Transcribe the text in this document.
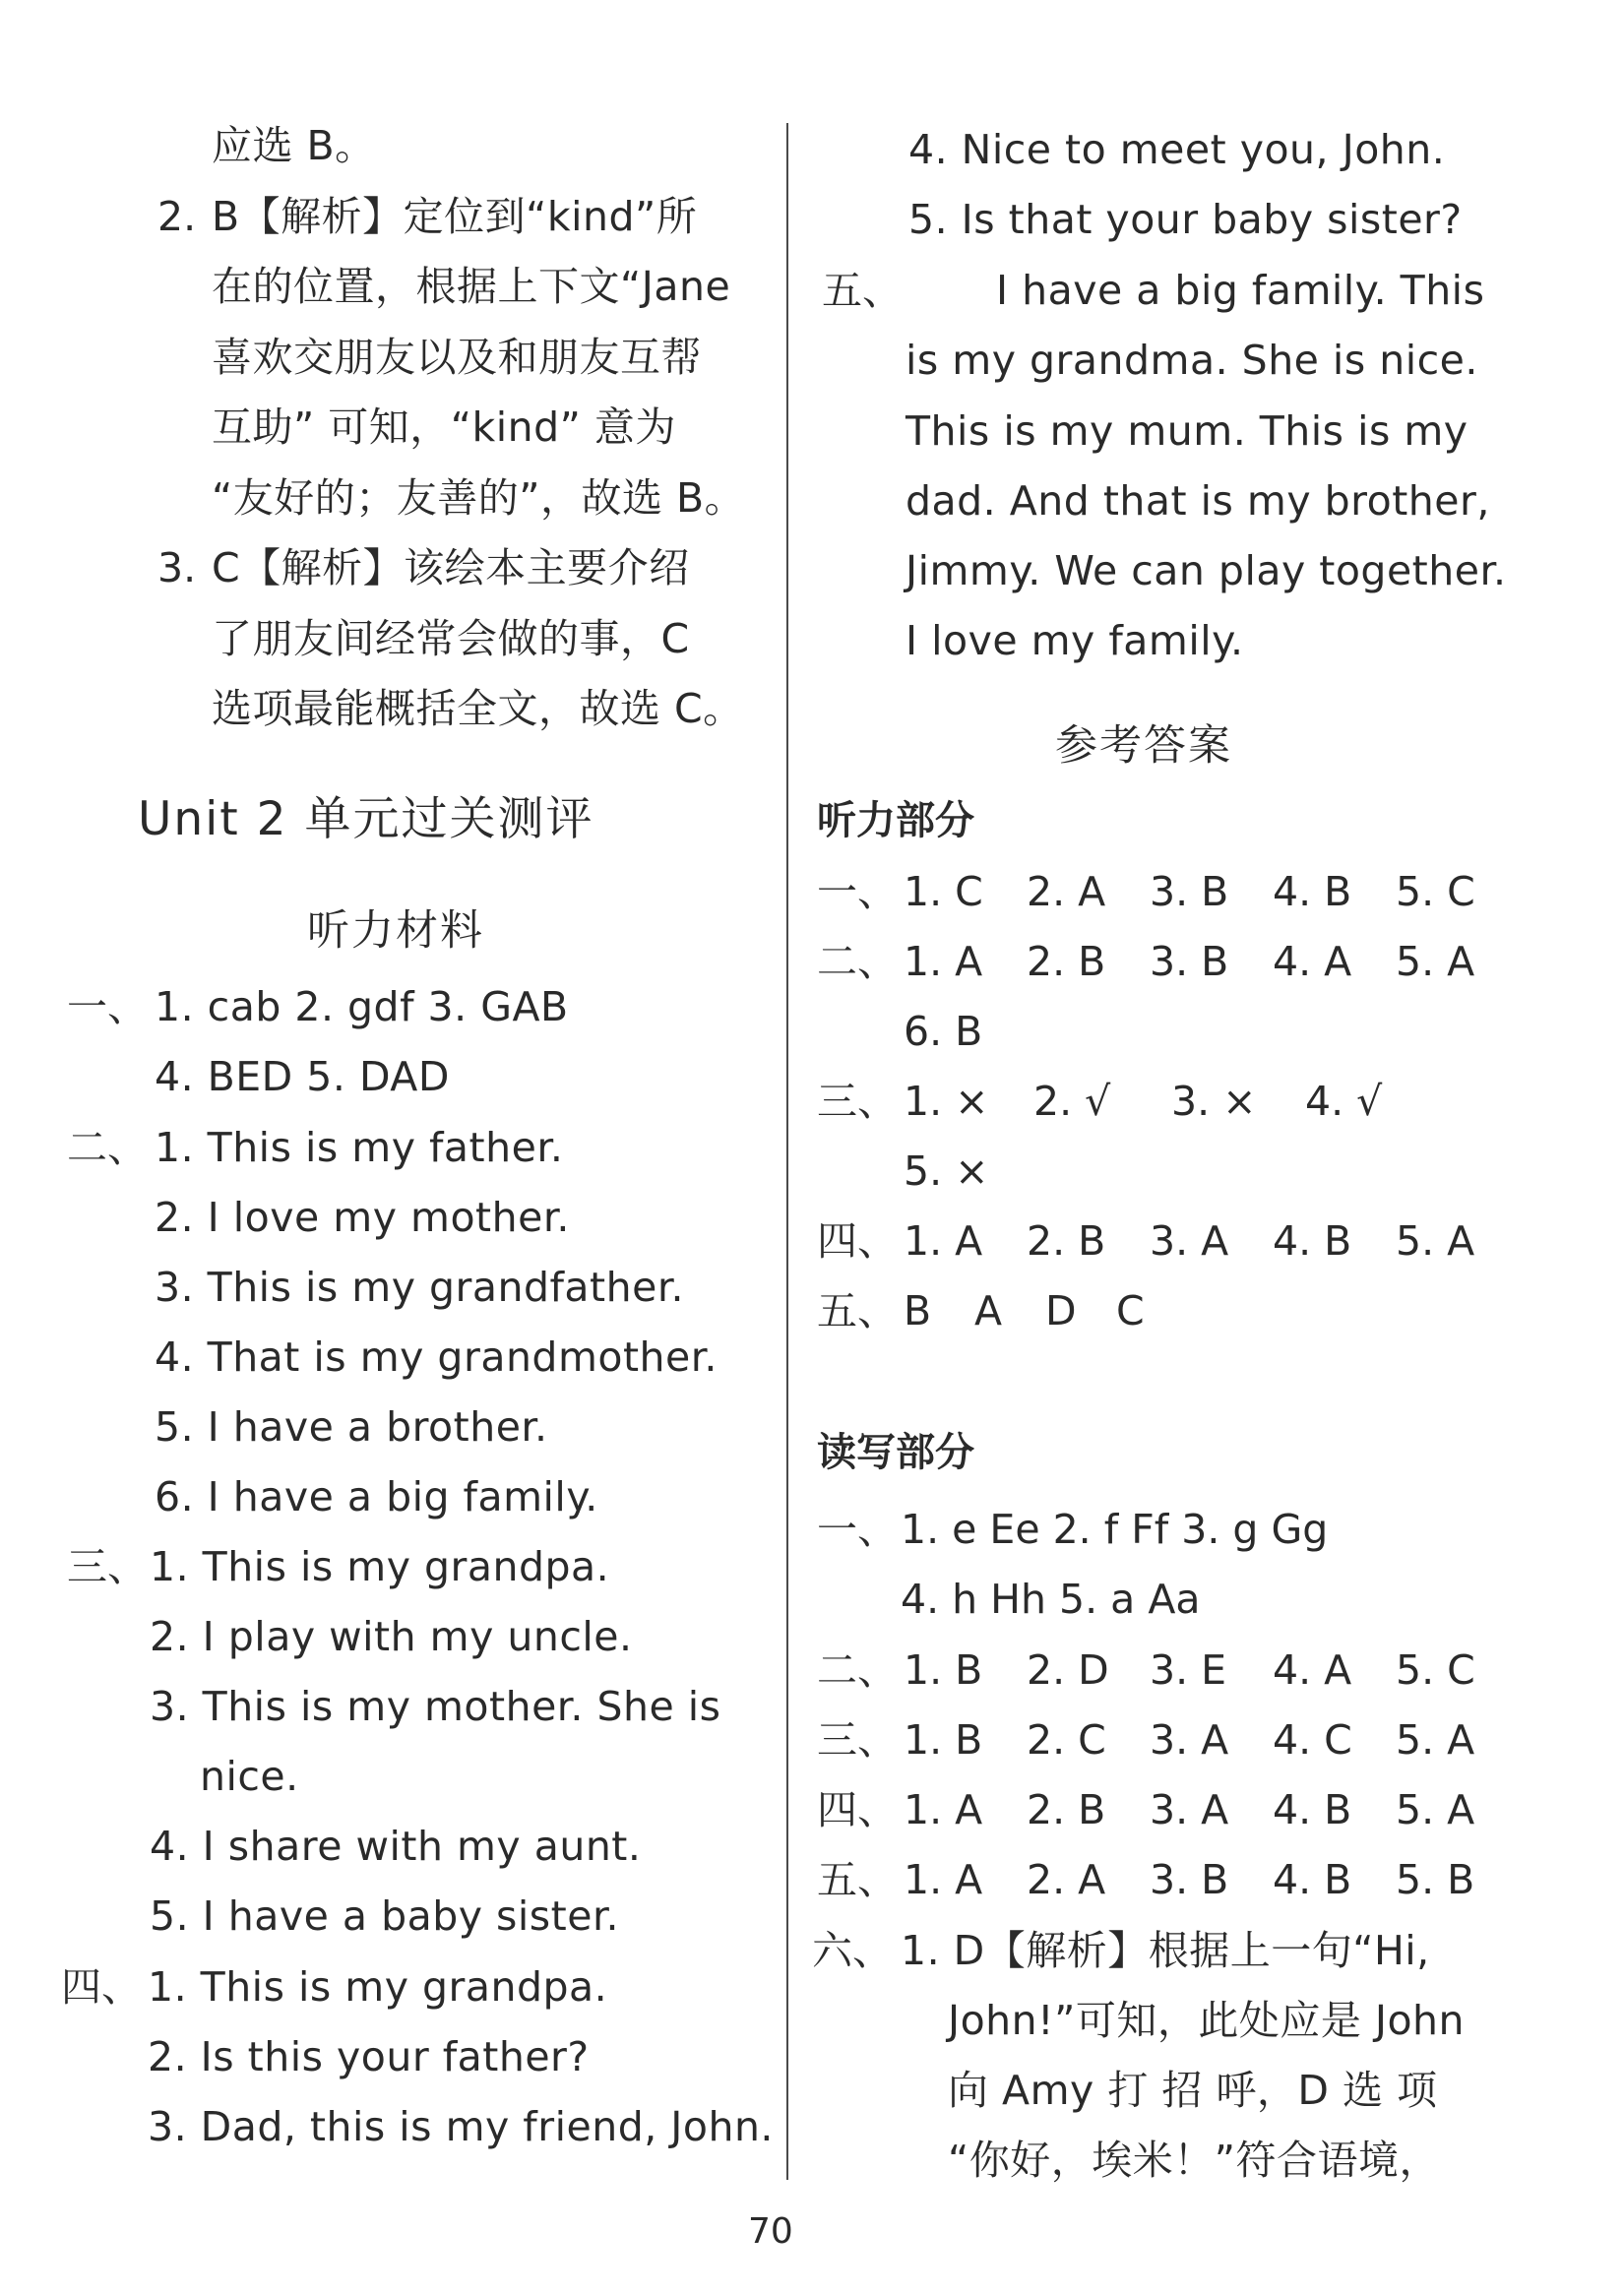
应选 B。
2. B【解析】定位到“kind”所
在的位置，根据上下文“Jane
喜欢交朋友以及和朋友互帮
互助” 可知，“kind” 意为
“友好的；友善的”，故选 B。
3. C【解析】该绘本主要介绍
了朋友间经常会做的事，C
选项最能概括全文，故选 C。
Unit 2 单元过关测评
听力材料
一、 1. cab 2. gdf 3. GAB
4. BED 5. DAD
二、 1. This is my father.
2. I love my mother.
3. This is my grandfather.
4. That is my grandmother.
5. I have a brother.
6. I have a big family.
三、 1. This is my grandpa.
2. I play with my uncle.
3. This is my mother. She is
nice.
4. I share with my aunt.
5. I have a baby sister.
四、 1. This is my grandpa.
2. Is this your father?
3. Dad, this is my friend, John.
4. Nice to meet you, John.
5. Is that your baby sister?
五、 I have a big family. This
is my grandma. She is nice.
This is my mum. This is my
dad. And that is my brother,
Jimmy. We can play together.
I love my family.
参考答案
听力部分
一、 1. C 2. A 3. B 4. B 5. C
二、 1. A 2. B 3. B 4. A 5. A
6. B
三、 1. × 2. √ 3. × 4. √
5. ×
四、 1. A 2. B 3. A 4. B 5. A
五、 B A D C
读写部分
一、 1. e Ee 2. f Ff 3. g Gg
4. h Hh 5. a Aa
二、 1. B 2. D 3. E 4. A 5. C
三、 1. B 2. C 3. A 4. C 5. A
四、 1. A 2. B 3. A 4. B 5. A
五、 1. A 2. A 3. B 4. B 5. B
六、 1. D【解析】根据上一句“Hi,
John!”可知，此处应是 John
向 Amy 打 招 呼，D 选 项
“你好，埃米！”符合语境，
70
